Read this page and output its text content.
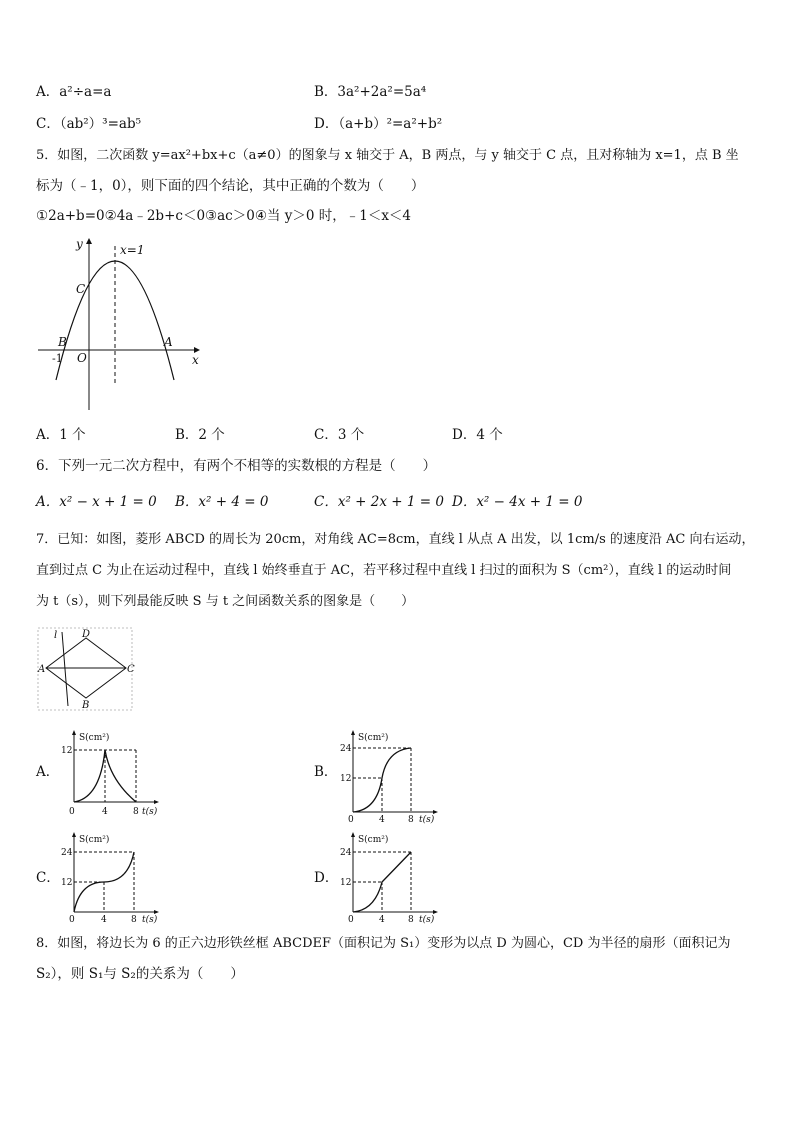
A．a²÷a=a	B．3a²+2a²=5a⁴
C．（ab²）³=ab⁵	D．（a+b）²=a²+b²
5．如图，二次函数 y=ax²+bx+c（a≠0）的图象与 x 轴交于 A，B 两点，与 y 轴交于 C 点，且对称轴为 x=1，点 B 坐
标为（﹣1，0），则下面的四个结论，其中正确的个数为（　　）
①2a+b=0②4a﹣2b+c＜0③ac＞0④当 y＞0 时，﹣1＜x＜4
x=1
y
x
C
B	A
-1 O
A．1 个	B．2 个	C．3 个	D．4 个
6．下列一元二次方程中，有两个不相等的实数根的方程是（　　）
A．x² − x + 1 = 0 B．x² + 4 = 0	C．x² + 2x + 1 = 0 D．x² − 4x + 1 = 0
7．已知：如图，菱形 ABCD 的周长为 20cm，对角线 AC=8cm，直线 l 从点 A 出发，以 1cm/s 的速度沿 AC 向右运动，
直到过点 C 为止在运动过程中，直线 l 始终垂直于 AC，若平移过程中直线 l 扫过的面积为 S（cm²），直线 l 的运动时间
为 t（s），则下列最能反映 S 与 t 之间函数关系的图象是（　　）
l D
A	C
B
A．
S(cm²)
12
0	4	8 t(s)
B．
S(cm²)
24
12
0	4	8 t(s)
C．
S(cm²)
24
12
0	4	8 t(s)
D．
S(cm²)
24
12
0	4	8 t(s)
8．如图，将边长为 6 的正六边形铁丝框 ABCDEF（面积记为 S₁）变形为以点 D 为圆心，CD 为半径的扇形（面积记为
S₂），则 S₁与 S₂的关系为（　　）
